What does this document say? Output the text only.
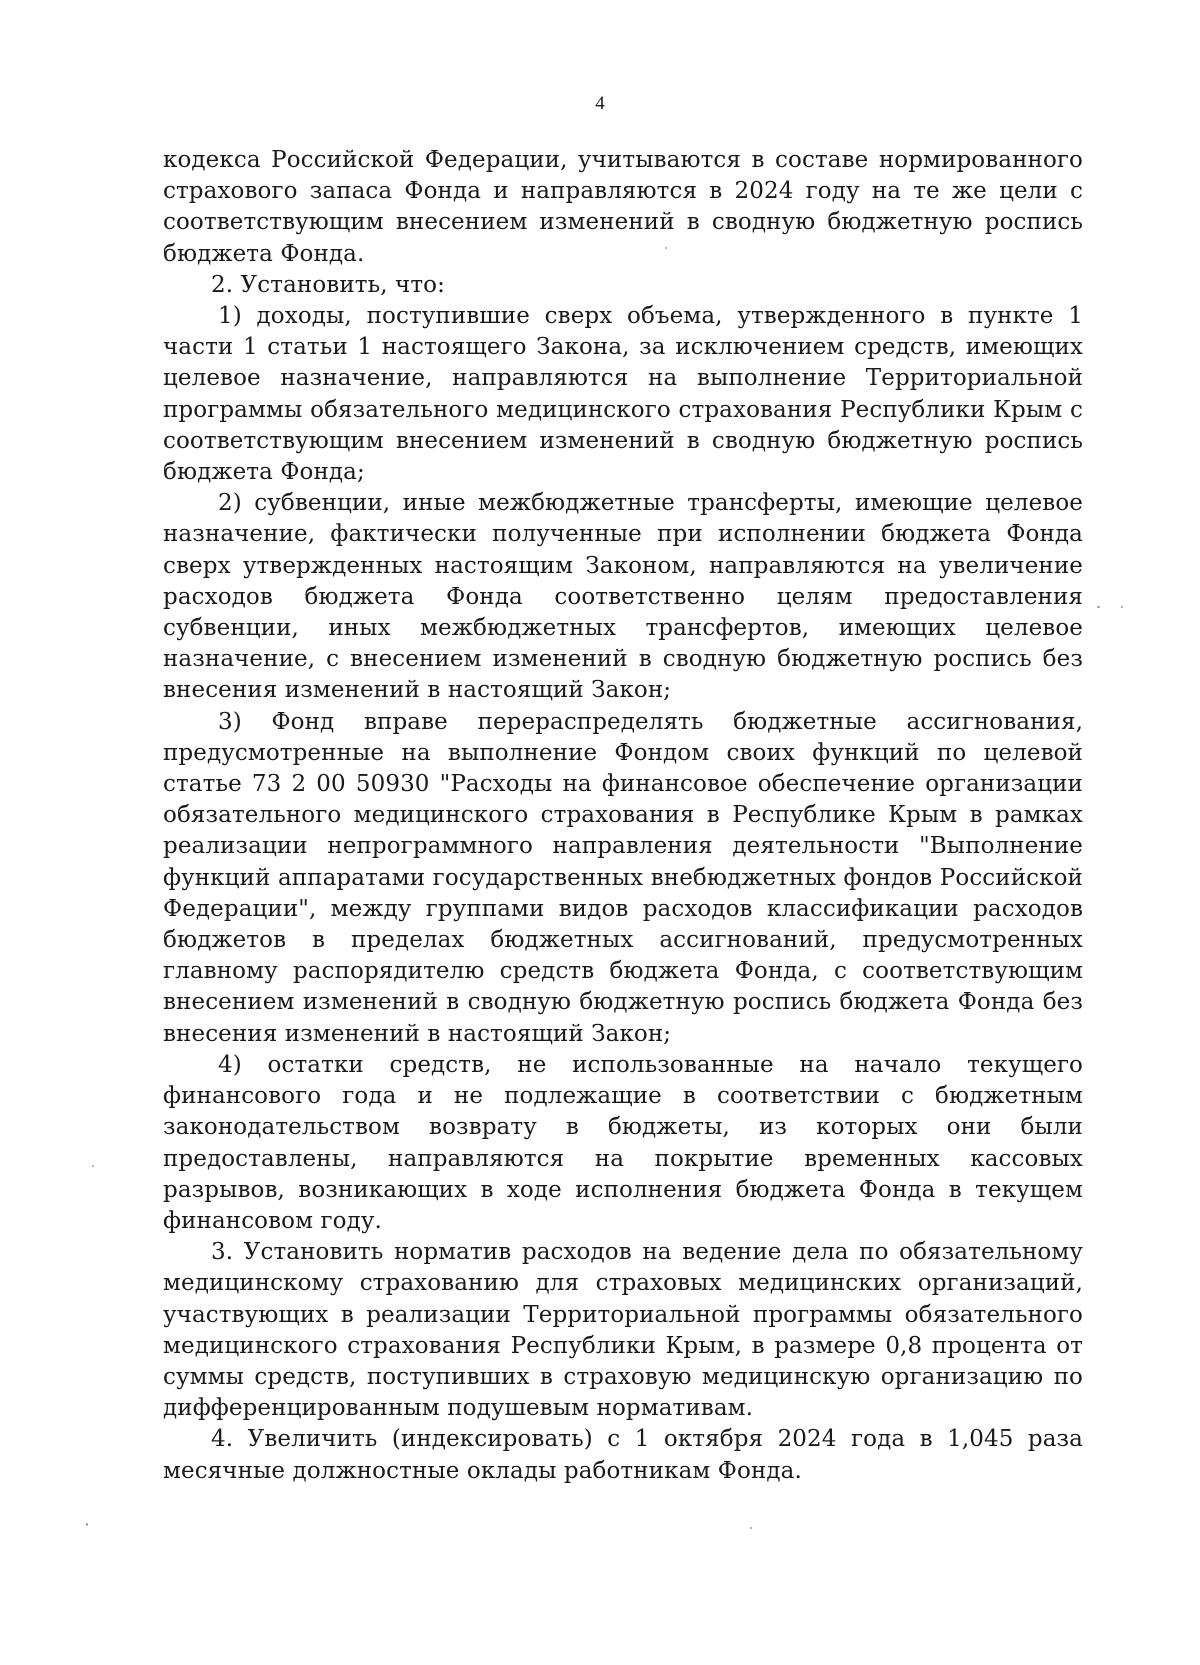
4

кодекса Российской Федерации, учитываются в составе нормированного страхового запаса Фонда и направляются в 2024 году на те же цели с соответствующим внесением изменений в сводную бюджетную роспись бюджета Фонда.

2. Установить, что:

1) доходы, поступившие сверх объема, утвержденного в пункте 1 части 1 статьи 1 настоящего Закона, за исключением средств, имеющих целевое назначение, направляются на выполнение Территориальной программы обязательного медицинского страхования Республики Крым с соответствующим внесением изменений в сводную бюджетную роспись бюджета Фонда;

2) субвенции, иные межбюджетные трансферты, имеющие целевое назначение, фактически полученные при исполнении бюджета Фонда сверх утвержденных настоящим Законом, направляются на увеличение расходов бюджета Фонда соответственно целям предоставления субвенции, иных межбюджетных трансфертов, имеющих целевое назначение, с внесением изменений в сводную бюджетную роспись без внесения изменений в настоящий Закон;

3) Фонд вправе перераспределять бюджетные ассигнования, предусмотренные на выполнение Фондом своих функций по целевой статье 73 2 00 50930 "Расходы на финансовое обеспечение организации обязательного медицинского страхования в Республике Крым в рамках реализации непрограммного направления деятельности "Выполнение функций аппаратами государственных внебюджетных фондов Российской Федерации", между группами видов расходов классификации расходов бюджетов в пределах бюджетных ассигнований, предусмотренных главному распорядителю средств бюджета Фонда, с соответствующим внесением изменений в сводную бюджетную роспись бюджета Фонда без внесения изменений в настоящий Закон;

4) остатки средств, не использованные на начало текущего финансового года и не подлежащие в соответствии с бюджетным законодательством возврату в бюджеты, из которых они были предоставлены, направляются на покрытие временных кассовых разрывов, возникающих в ходе исполнения бюджета Фонда в текущем финансовом году.

3. Установить норматив расходов на ведение дела по обязательному медицинскому страхованию для страховых медицинских организаций, участвующих в реализации Территориальной программы обязательного медицинского страхования Республики Крым, в размере 0,8 процента от суммы средств, поступивших в страховую медицинскую организацию по дифференцированным подушевым нормативам.

4. Увеличить (индексировать) с 1 октября 2024 года в 1,045 раза месячные должностные оклады работникам Фонда.
